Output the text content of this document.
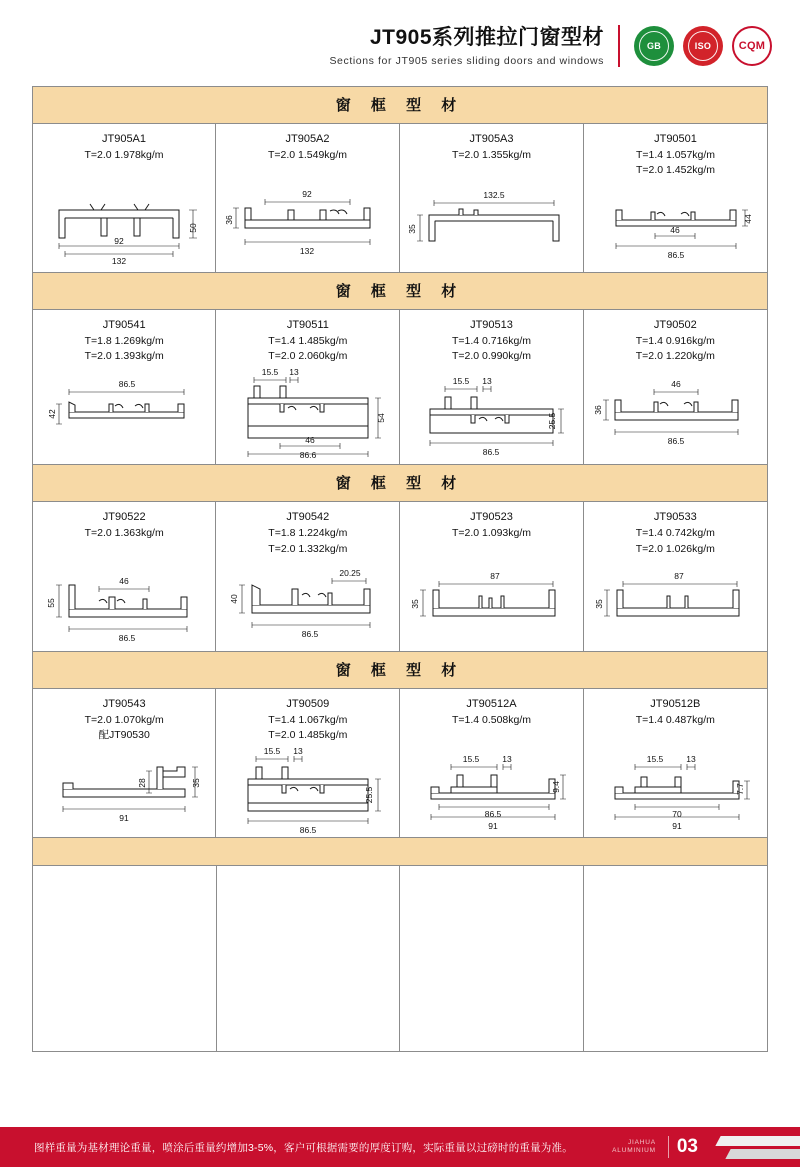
JT905系列推拉门窗型材
Sections for JT905 series sliding doors and windows
GB	ISO	CQM
窗 框 型 材
JT905A1
T=2.0 1.978kg/m
50
92
132
JT905A2
T=2.0 1.549kg/m
36
92
132
JT905A3
T=2.0 1.355kg/m
132.5
35
JT90501
T=1.4 1.057kg/m
T=2.0 1.452kg/m
44
46
86.5
窗 框 型 材
JT90541
T=1.8 1.269kg/m
T=2.0 1.393kg/m
86.5
42
JT90511
T=1.4 1.485kg/m
T=2.0 2.060kg/m
15.5 13
54
46
86.6
JT90513
T=1.4 0.716kg/m
T=2.0 0.990kg/m
15.5 13
25.5
86.5
JT90502
T=1.4 0.916kg/m
T=2.0 1.220kg/m
46
36
86.5
窗 框 型 材
JT90522
T=2.0 1.363kg/m
46
55
86.5
JT90542
T=1.8 1.224kg/m
T=2.0 1.332kg/m
20.25
40
86.5
JT90523
T=2.0 1.093kg/m
87
35
JT90533
T=1.4 0.742kg/m
T=2.0 1.026kg/m
87
35
窗 框 型 材
JT90543
T=2.0 1.070kg/m
配JT90530
28	35
91
JT90509
T=1.4 1.067kg/m
T=2.0 1.485kg/m
15.5 13
25.5
86.5
JT90512A
T=1.4 0.508kg/m
15.5	13
9.4
86.5
91
JT90512B
T=1.4 0.487kg/m
15.5	13
7.7
70
91
图样重量为基材理论重量，喷涂后重量约增加3-5%，客户可根据需要的厚度订购，实际重量以过磅时的重量为准。	JIAHUA
ALUMINIUM	03
